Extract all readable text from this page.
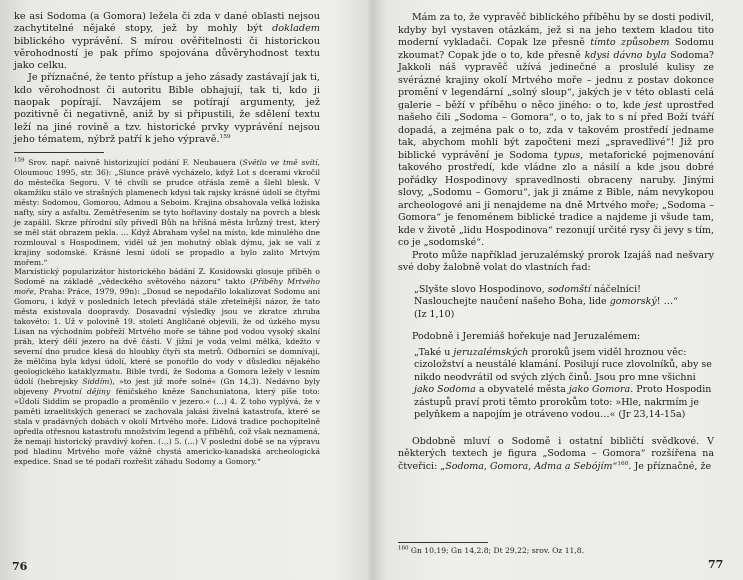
ke asi Sodoma (a Gomora) ležela či zda v dané oblasti nejsou zachytitelné nějaké stopy, jež by mohly být dokladem biblického vyprávění. S mírou ověřitelnosti či historickou věrohodností je pak přímo spojována důvěryhodnost textu jako celku.

Je příznačné, že tento přístup a jeho zásady zastávají jak ti, kdo věrohodnost či autoritu Bible obhajují, tak ti, kdo ji naopak popírají. Navzájem se potírají argumenty, jež pozitivně či negativně, aniž by si připustili, že sdělení textu leží na jiné rovině a tzv. historické prvky vyprávění nejsou jeho tématem, nýbrž patří k jeho výpravě.$^{159}$

$^{159}$ Srov. např. naivně historizující podání F. Neubauera (Světlo ve tmě svítí, Oloumouc 1995, str. 36): „Slunce právě vycházelo, když Lot s dcerami vkročil do městečka Segoru. V té chvíli se prudce otřásla země a šlehl blesk. V okamžiku stálo ve strašných plamenech kdysi tak rajsky krásné údolí se čtyřmi městy: Sodomou, Gomorou, Admou a Seboim. Krajina obsahovala velká ložiska nafty, síry a asfaltu. Zemětřesením se tyto hořlaviny dostaly na povrch a blesk je zapálil. Skrze přírodní síly přivedl Bůh na hříšná města hrůzný trest, který se měl stát obrazem pekla. … Když Abraham vyšel na místo, kde minulého dne rozmlouval s Hospodinem, viděl už jen mohutný oblak dýmu, jak se valí z krajiny sodomské. Krásné lesní údolí se propadlo a bylo zalito Mrtvým mořem.“

Marxistický popularizátor historického bádání Z. Kosidowski glosuje příběh o Sodomě na základě „vědeckého světového názoru“ takto (Příběhy Mrtvého moře, Praha: Práce, 1979, 99n): „Dosud se nepodařilo lokalizovat Sodomu ani Gomoru, i když v posledních letech převládá stále zřetelnější názor, že tato města existovala doopravdy. Dosavadní výsledky jsou ve zkratce zhruba takovéto: 1. Už v polovině 19. století Angličané objevili, že od úzkého mysu Lisan na východním pobřeží Mrtvého moře se táhne pod vodou vysoký skalní práh, který dělí jezero na dvě části. V jižní je voda velmi mělká, kdežto v severní dno prudce klesá do hloubky čtyři sta metrů. Odborníci se domnívají, že mělčina byla kdysi údolí, které se ponořilo do vody v důsledku nějakého geologického kataklyzmatu. Bible tvrdí, že Sodoma a Gomora ležely v lesním údolí (hebrejsky Siddím), »to jest již moře solné« (Gn 14,3). Nedávno byly objeveny Prvotní dějiny féničského kněze Sanchuniatona, který píše toto: »Údolí Siddím se propadlo a proměnilo v jezero.« (…) 4. Z toho vyplývá, že v paměti izraelitských generací se zachovala jakási živelná katastrofa, které se stala v pradávných dobách v okolí Mrtvého moře. Lidová tradice pochopitelně opředla otřesnou katastrofu množstvím legend a příběhů, což však neznamená, že nemají historický pravdivý kořen. (…) 5. (…) V poslední době se na výpravu pod hladinu Mrtvého moře vážně chystá americko-kanadská archeologická expedice. Snad se té podaří rozřešit záhadu Sodomy a Gomory.“

76

Mám za to, že vypravěč biblického příběhu by se dosti podivil, kdyby byl vystaven otázkám, jež si na jeho textem kladou tito moderní vykladači. Copak lze přesně tímto způsobem Sodomu zkoumat? Copak jde o to, kde přesně kdysi dávno byla Sodoma? Jakkoli náš vypravěč užívá jedinečné a proslulé kulisy ze svérázné krajiny okolí Mrtvého moře – jednu z postav dokonce promění v legendární „solný sloup“, jakých je v této oblasti celá galerie – běží v příběhu o něco jiného: o to, kde jest uprostřed našeho čili „Sodoma – Gomora“, o to, jak to s ní před Boží tváří dopadá, a zejména pak o to, zda v takovém prostředí jedname tak, abychom mohli být započteni mezi „spravedlivé“! Již pro biblické vyprávění je Sodoma typus, metaforické pojmenování takového prostředí, kde vládne zlo a násilí a kde jsou dobré pořádky Hospodinovy spravedlnosti obraceny naruby. Jinými slovy, „Sodomu – Gomoru“, jak ji známe z Bible, nám nevykopou archeologové ani ji nenajdeme na dně Mrtvého moře; „Sodoma – Gomora“ je fenoménem biblické tradice a najdeme ji všude tam, kde v životě „lidu Hospodinova“ rezonují určité rysy či jevy s tím, co je „sodomské“.

Proto může například jeruzalémský prorok Izajáš nad nešvary své doby žalobně volat do vlastních řad:

„Slyšte slovo Hospodinovo, sodomští náčelníci!
Naslouchejte naučení našeho Boha, lide gomorský! …“
(Iz 1,10)

Podobně i Jeremiáš hořekuje nad Jeruzalémem:

„Také u jeruzalémských proroků jsem viděl hroznou věc: cizoložství a neustálé klamání. Posilují ruce zlovolníků, aby se nikdo neodvrátil od svých zlých činů. Jsou pro mne všichni jako Sodoma a obyvatelé města jako Gomora. Proto Hospodin zástupů praví proti těmto prorokům toto: »Hle, nakrmím je pelyňkem a napojím je otráveno vodou…« (Jr 23,14-15a)

Obdobně mluví o Sodomě i ostatní bibličtí svědkové. V některých textech je figura „Sodoma – Gomora“ rozšířena na čtveřici: „Sodoma, Gomora, Adma a Sebójím“$^{160}$. Je příznačné, že

$^{160}$ Gn 10,19; Gn 14,2.8; Dt 29,22; srov. Oz 11,8.
77
